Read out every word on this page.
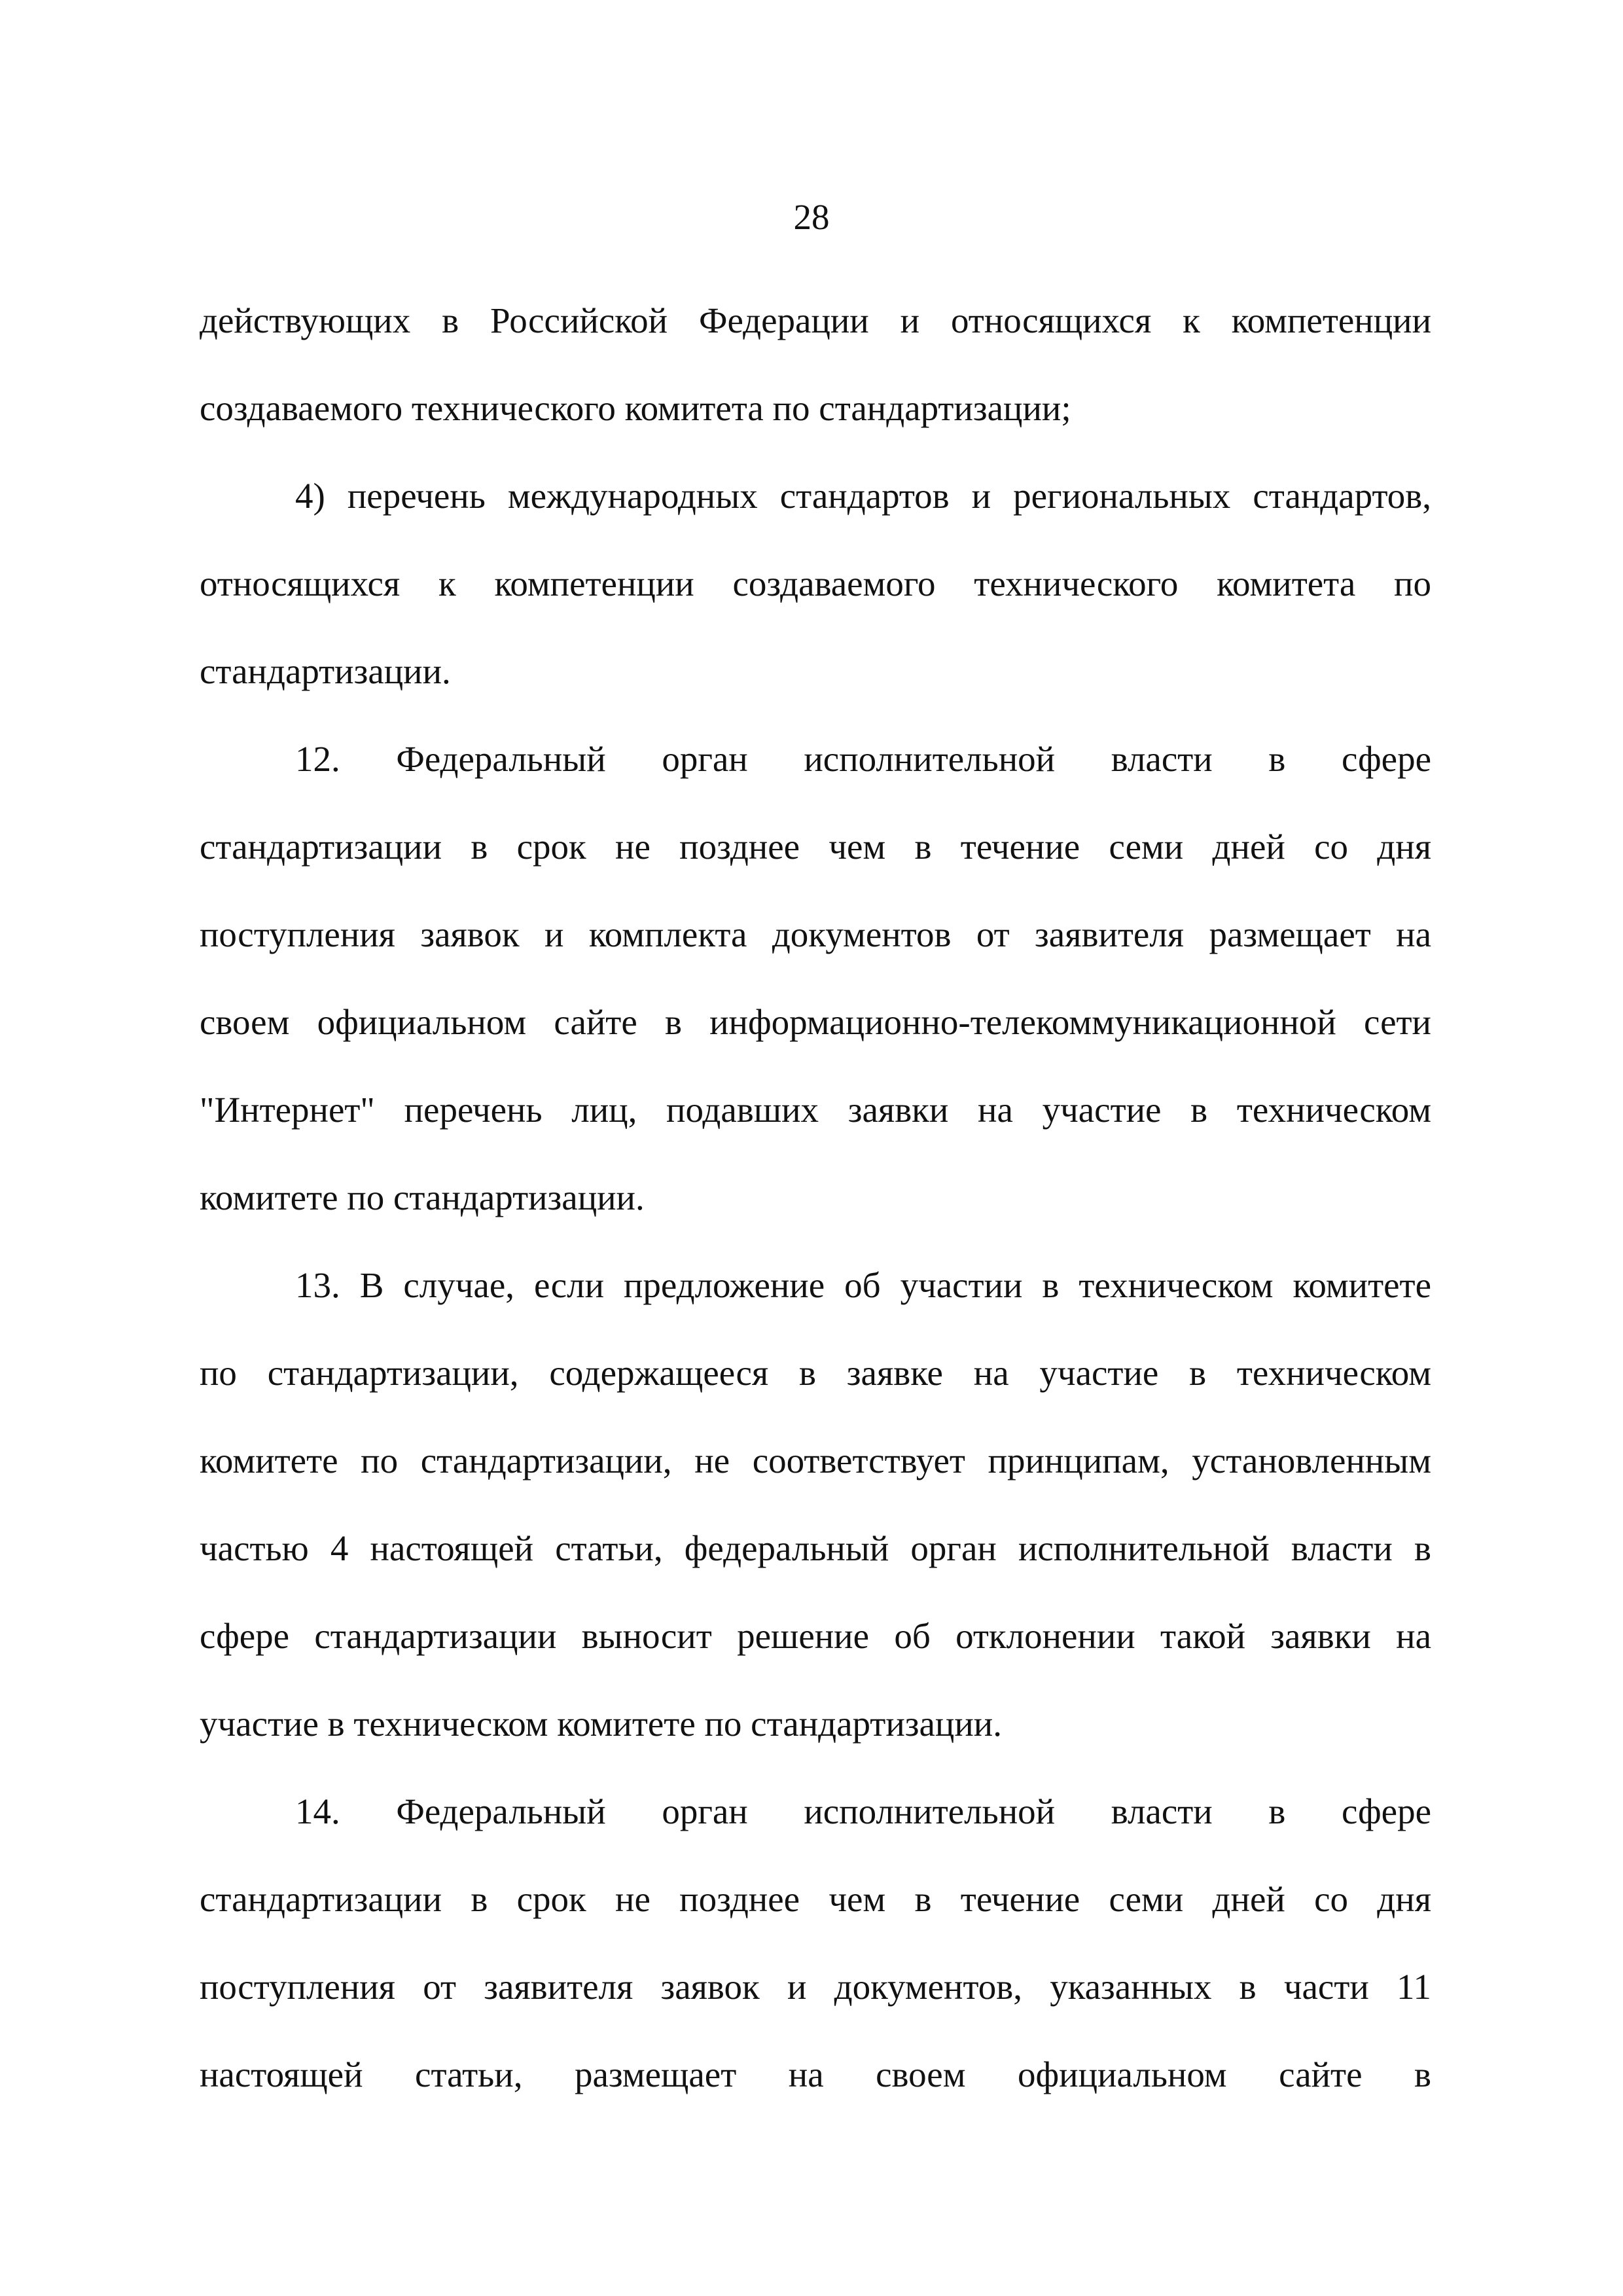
28
действующих в Российской Федерации и относящихся к компетенции
создаваемого технического комитета по стандартизации;
4) перечень международных стандартов и региональных стандартов,
относящихся к компетенции создаваемого технического комитета по
стандартизации.
12. Федеральный орган исполнительной власти в сфере
стандартизации в срок не позднее чем в течение семи дней со дня
поступления заявок и комплекта документов от заявителя размещает на
своем официальном сайте в информационно-телекоммуникационной сети
"Интернет" перечень лиц, подавших заявки на участие в техническом
комитете по стандартизации.
13. В случае, если предложение об участии в техническом комитете
по стандартизации, содержащееся в заявке на участие в техническом
комитете по стандартизации, не соответствует принципам, установленным
частью 4 настоящей статьи, федеральный орган исполнительной власти в
сфере стандартизации выносит решение об отклонении такой заявки на
участие в техническом комитете по стандартизации.
14. Федеральный орган исполнительной власти в сфере
стандартизации в срок не позднее чем в течение семи дней со дня
поступления от заявителя заявок и документов, указанных в части 11
настоящей статьи, размещает на своем официальном сайте в
